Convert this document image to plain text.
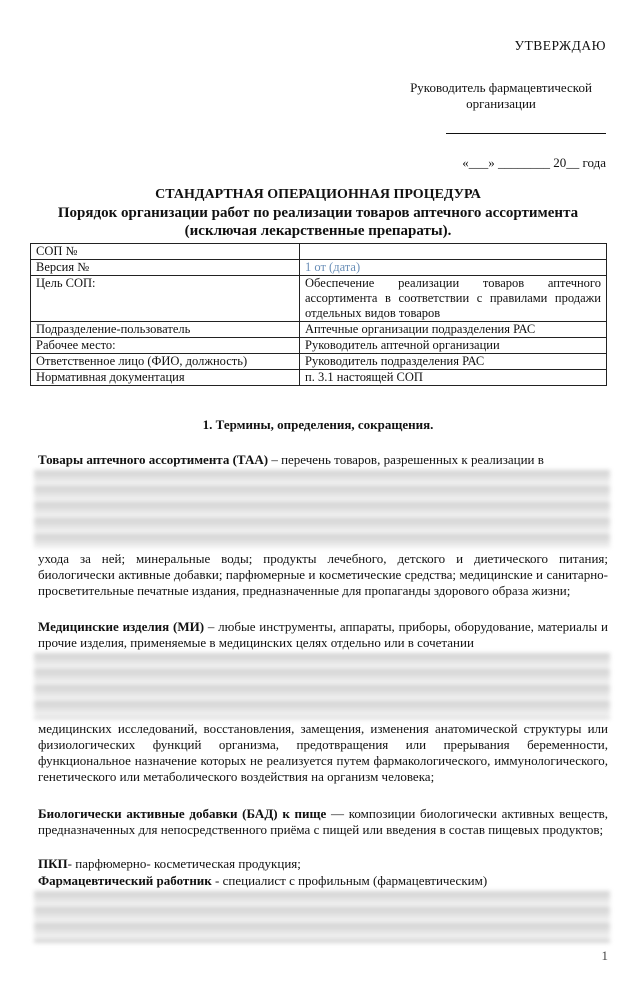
УТВЕРЖДАЮ
Руководитель фармацевтической организации
«___» ________ 20__ года
СТАНДАРТНАЯ ОПЕРАЦИОННАЯ ПРОЦЕДУРА
Порядок организации работ по реализации товаров аптечного ассортимента (исключая лекарственные препараты).
СОП №	
Версия №	1 от (дата)
Цель СОП:	Обеспечение реализации товаров аптечного ассортимента в соответствии с правилами продажи отдельных видов товаров
Подразделение-пользователь	Аптечные организации подразделения РАС
Рабочее место:	Руководитель аптечной организации
Ответственное лицо (ФИО, должность)	Руководитель подразделения РАС
Нормативная документация	п. 3.1 настоящей СОП
1. Термины, определения, сокращения.
Товары аптечного ассортимента (ТАА) – перечень товаров, разрешенных к реализации в
ухода за ней; минеральные воды; продукты лечебного, детского и диетического питания; биологически активные добавки; парфюмерные и косметические средства; медицинские и санитарно-просветительные печатные издания, предназначенные для пропаганды здорового образа жизни;
Медицинские изделия (МИ) – любые инструменты, аппараты, приборы, оборудование, материалы и прочие изделия, применяемые в медицинских целях отдельно или в сочетании
медицинских исследований, восстановления, замещения, изменения анатомической структуры или физиологических функций организма, предотвращения или прерывания беременности, функциональное назначение которых не реализуется путем фармакологического, иммунологического, генетического или метаболического воздействия на организм человека;
Биологически активные добавки (БАД) к пище — композиции биологически активных веществ, предназначенных для непосредственного приёма с пищей или введения в состав пищевых продуктов;
ПКП- парфюмерно- косметическая продукция;
Фармацевтический работник - специалист с профильным (фармацевтическим)
1
